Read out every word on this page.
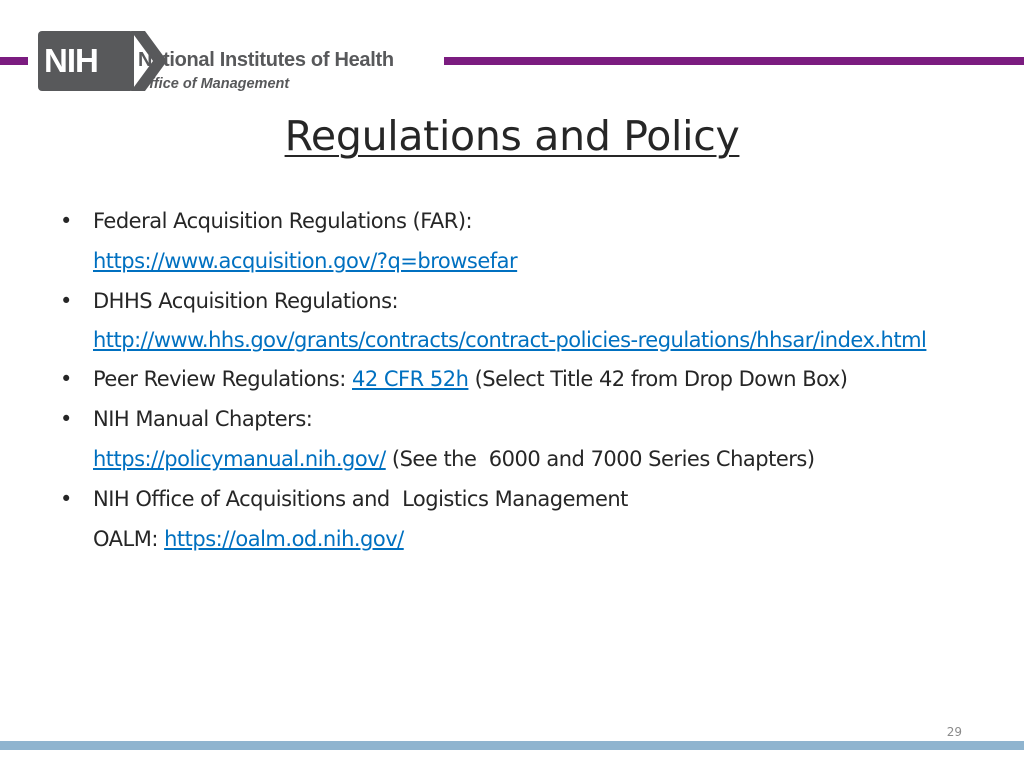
NIH National Institutes of Health
Office of Management
Regulations and Policy
• Federal Acquisition Regulations (FAR):
https://www.acquisition.gov/?q=browsefar
• DHHS Acquisition Regulations:
http://www.hhs.gov/grants/contracts/contract-policies-regulations/hhsar/index.html
• Peer Review Regulations: 42 CFR 52h (Select Title 42 from Drop Down Box)
• NIH Manual Chapters:
https://policymanual.nih.gov/ (See the  6000 and 7000 Series Chapters)
• NIH Office of Acquisitions and  Logistics Management
OALM: https://oalm.od.nih.gov/
29
